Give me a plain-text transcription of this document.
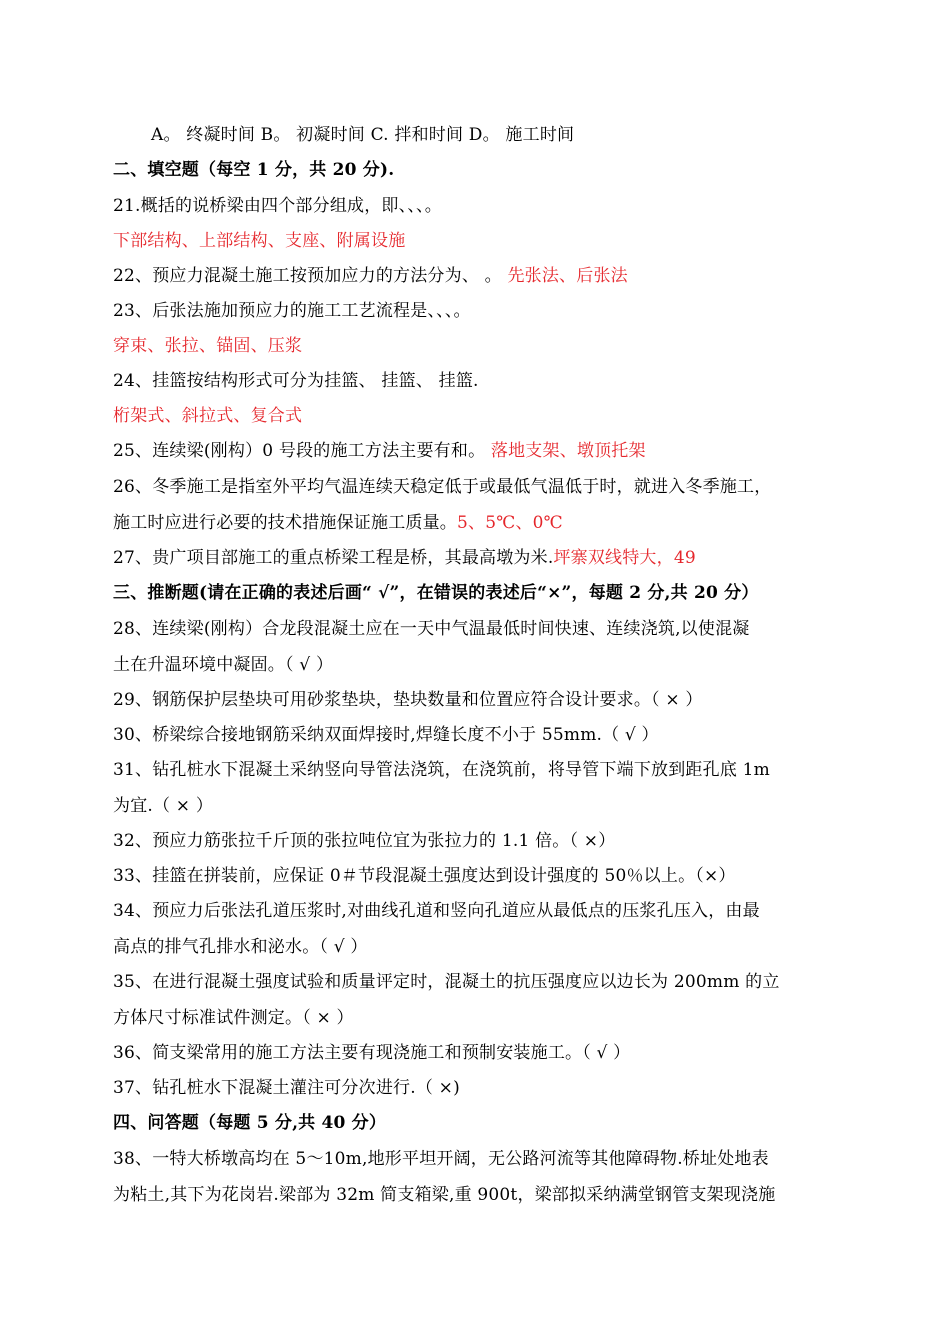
A。 终凝时间 B。 初凝时间 C. 拌和时间 D。 施工时间
二、填空题（每空 1 分，共 20 分).
21.概括的说桥梁由四个部分组成，即、、、。
下部结构、上部结构、支座、附属设施
22、预应力混凝土施工按预加应力的方法分为、 。 先张法、后张法
23、后张法施加预应力的施工工艺流程是、、、。
穿束、张拉、锚固、压浆
24、挂篮按结构形式可分为挂篮、 挂篮、 挂篮.
桁架式、斜拉式、复合式
25、连续梁(刚构）0 号段的施工方法主要有和。 落地支架、墩顶托架
26、冬季施工是指室外平均气温连续天稳定低于或最低气温低于时，就进入冬季施工，
施工时应进行必要的技术措施保证施工质量。5、5℃、0℃
27、贵广项目部施工的重点桥梁工程是桥，其最高墩为米.坪寨双线特大，49
三、推断题(请在正确的表述后画“ √”，在错误的表述后“×”，每题 2 分,共 20 分）
28、连续梁(刚构）合龙段混凝土应在一天中气温最低时间快速、连续浇筑,以使混凝
土在升温环境中凝固。（ √ ）
29、钢筋保护层垫块可用砂浆垫块，垫块数量和位置应符合设计要求。（ × ）
30、桥梁综合接地钢筋采纳双面焊接时,焊缝长度不小于 55mm.（ √ ）
31、钻孔桩水下混凝土采纳竖向导管法浇筑，在浇筑前，将导管下端下放到距孔底 1m
为宜.（ × ）
32、预应力筋张拉千斤顶的张拉吨位宜为张拉力的 1.1 倍。（ ×）
33、挂篮在拼装前，应保证 0＃节段混凝土强度达到设计强度的 50％以上。（×）
34、预应力后张法孔道压浆时,对曲线孔道和竖向孔道应从最低点的压浆孔压入，由最
高点的排气孔排水和泌水。（ √ ）
35、在进行混凝土强度试验和质量评定时，混凝土的抗压强度应以边长为 200mm 的立
方体尺寸标准试件测定。（ × ）
36、简支梁常用的施工方法主要有现浇施工和预制安装施工。（ √ ）
37、钻孔桩水下混凝土灌注可分次进行.（ ×)
四、问答题（每题 5 分,共 40 分）
38、一特大桥墩高均在 5～10m,地形平坦开阔，无公路河流等其他障碍物.桥址处地表
为粘土,其下为花岗岩.梁部为 32m 简支箱梁,重 900t，梁部拟采纳满堂钢管支架现浇施
